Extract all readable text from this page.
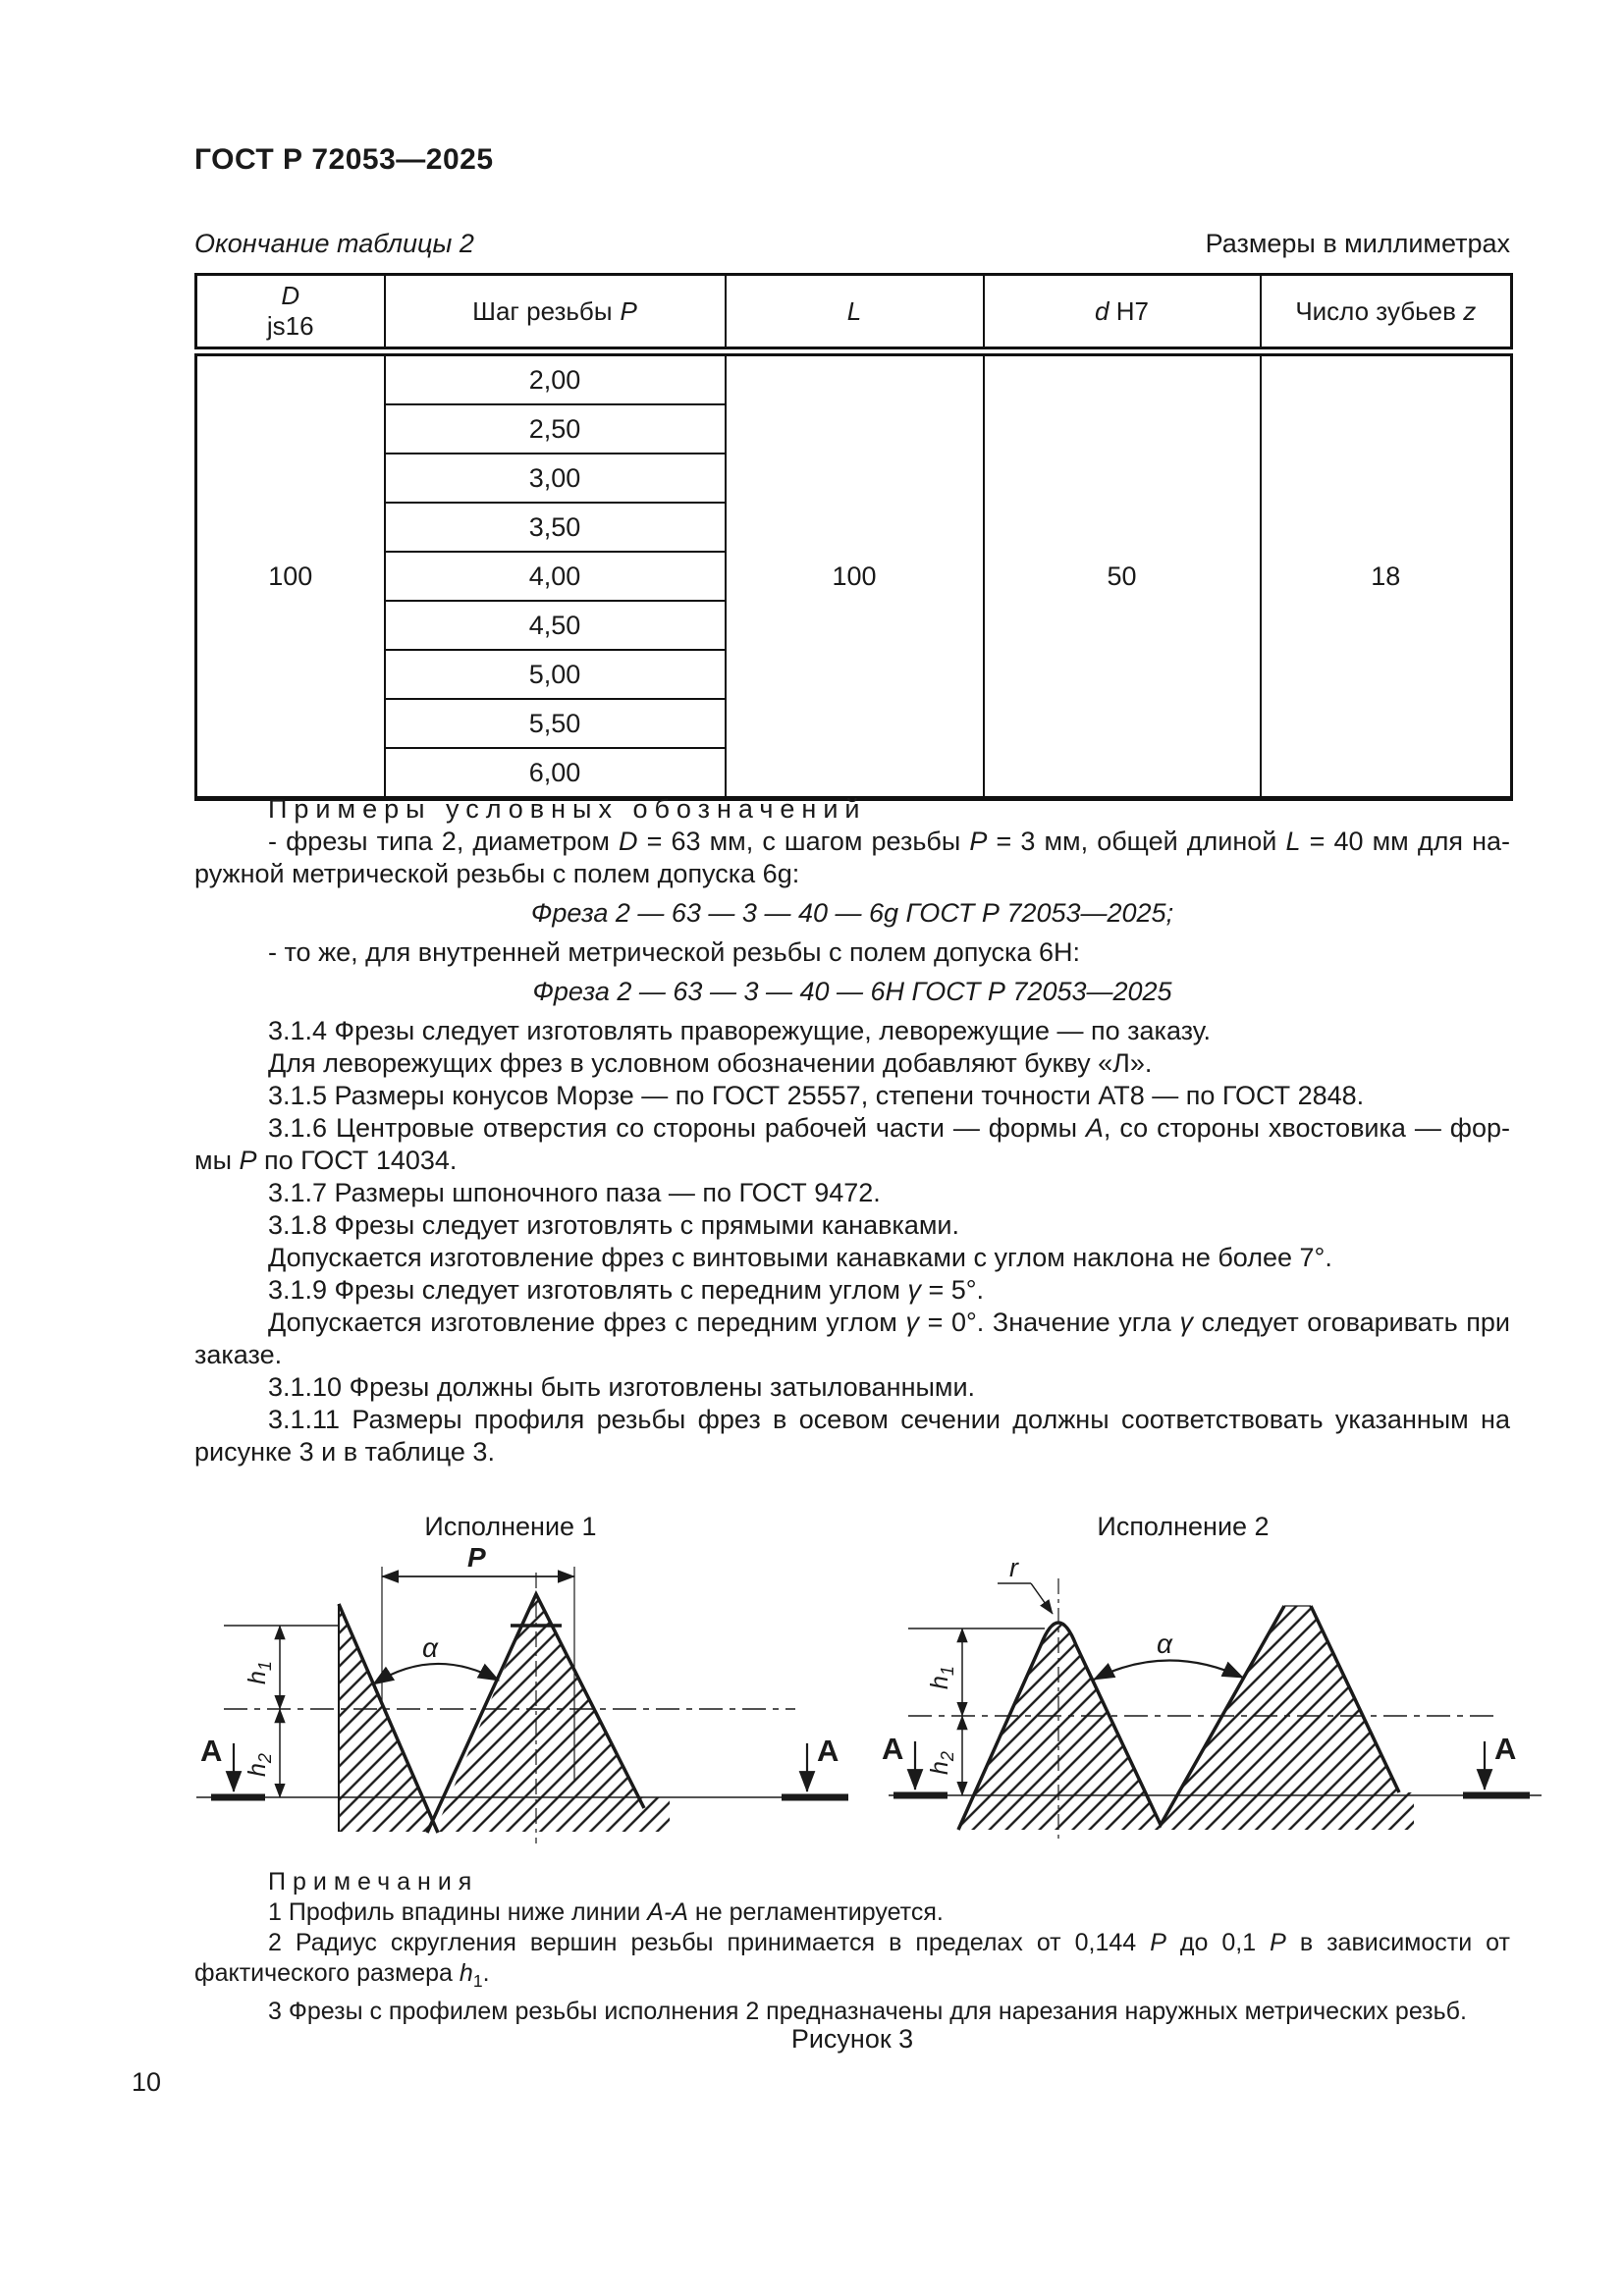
ГОСТ Р 72053—2025
Окончание таблицы 2	Размеры в миллиметрах
D
js16	Шаг резьбы Р	L	d H7	Число зубьев z
100	2,00	100	50	18
	2,50			
	3,00			
	3,50			
	4,00			
	4,50			
	5,00			
	5,50			
	6,00			
Примеры условных обозначений
- фрезы типа 2, диаметром D = 63 мм, с шагом резьбы Р = 3 мм, общей длиной L = 40 мм для наружной метрической резьбы с полем допуска 6g:
Фреза 2 — 63 — 3 — 40 — 6g ГОСТ Р 72053—2025;
- то же, для внутренней метрической резьбы с полем допуска 6Н:
Фреза 2 — 63 — 3 — 40 — 6Н ГОСТ Р 72053—2025
3.1.4 Фрезы следует изготовлять праворежущие, леворежущие — по заказу.
Для леворежущих фрез в условном обозначении добавляют букву «Л».
3.1.5 Размеры конусов Морзе — по ГОСТ 25557, степени точности АТ8 — по ГОСТ 2848.
3.1.6 Центровые отверстия со стороны рабочей части — формы А, со стороны хвостовика — формы Р по ГОСТ 14034.
3.1.7 Размеры шпоночного паза — по ГОСТ 9472.
3.1.8 Фрезы следует изготовлять с прямыми канавками.
Допускается изготовление фрез с винтовыми канавками с углом наклона не более 7°.
3.1.9 Фрезы следует изготовлять с передним углом γ = 5°.
Допускается изготовление фрез с передним углом γ = 0°. Значение угла γ следует оговаривать при заказе.
3.1.10 Фрезы должны быть изготовлены затылованными.
3.1.11 Размеры профиля резьбы фрез в осевом сечении должны соответствовать указанным на рисунке 3 и в таблице 3.
Исполнение 1	Исполнение 2
P
α
$h_1$
$h_2$
A	A
r
α
$h_1$
$h_2$
A	A
Примечания
1 Профиль впадины ниже линии А-А не регламентируется.
2 Радиус скругления вершин резьбы принимается в пределах от 0,144 Р до 0,1 Р в зависимости от фактического размера $h_1$.
3 Фрезы с профилем резьбы исполнения 2 предназначены для нарезания наружных метрических резьб.
Рисунок 3
10
